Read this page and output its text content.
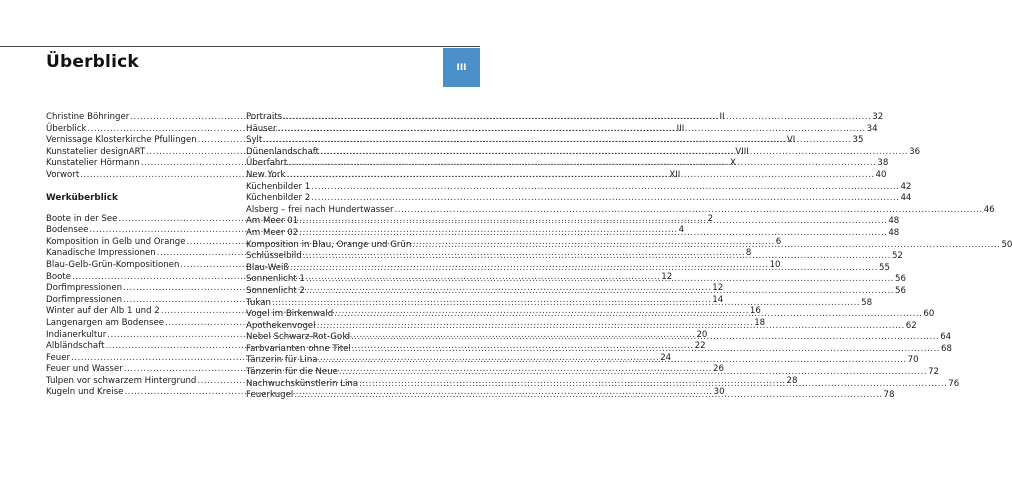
Überblick	III
Christine Böhringer .....	II
Überblick .....	III
Vernissage Klosterkirche Pfullingen .....	VI
Kunstatelier designART .....	VIII
Kunstatelier Hörmann .....	X
Vorwort .....	XII
Werküberblick
Boote in der See .....	2
Bodensee .....	4
Komposition in Gelb und Orange .....	6
Kanadische Impressionen .....	8
Blau-Gelb-Grün-Kompositionen .....	10
Boote .....	12
Dorfimpressionen .....	12
Dorfimpressionen .....	14
Winter auf der Alb 1 und 2 .....	16
Langenargen am Bodensee .....	18
Indianerkultur .....	20
Albländschaft .....	22
Feuer .....	24
Feuer und Wasser .....	26
Tulpen vor schwarzem Hintergrund .....	28
Kugeln und Kreise .....	30
Portraits .....	32
Häuser .....	34
Sylt .....	35
Dünenlandschaft .....	36
Überfahrt .....	38
New York .....	40
Küchenbilder 1 .....	42
Küchenbilder 2 .....	44
Alsberg – frei nach Hundertwasser .....	46
Am Meer 01 .....	48
Am Meer 02 .....	48
Komposition in Blau, Orange und Grün .....	50
Schlüsselbild .....	52
Blau-Weiß .....	55
Sonnenlicht 1 .....	56
Sonnenlicht 2 .....	56
Tukan .....	58
Vogel im Birkenwald .....	60
Apothekenvogel .....	62
Nebel Schwarz-Rot-Gold .....	64
Farbvarianten ohne Titel .....	68
Tänzerin für Lina .....	70
Tänzerin für die Neue .....	72
Nachwuchskünstlerin Lina .....	76
Feuerkugel .....	78
